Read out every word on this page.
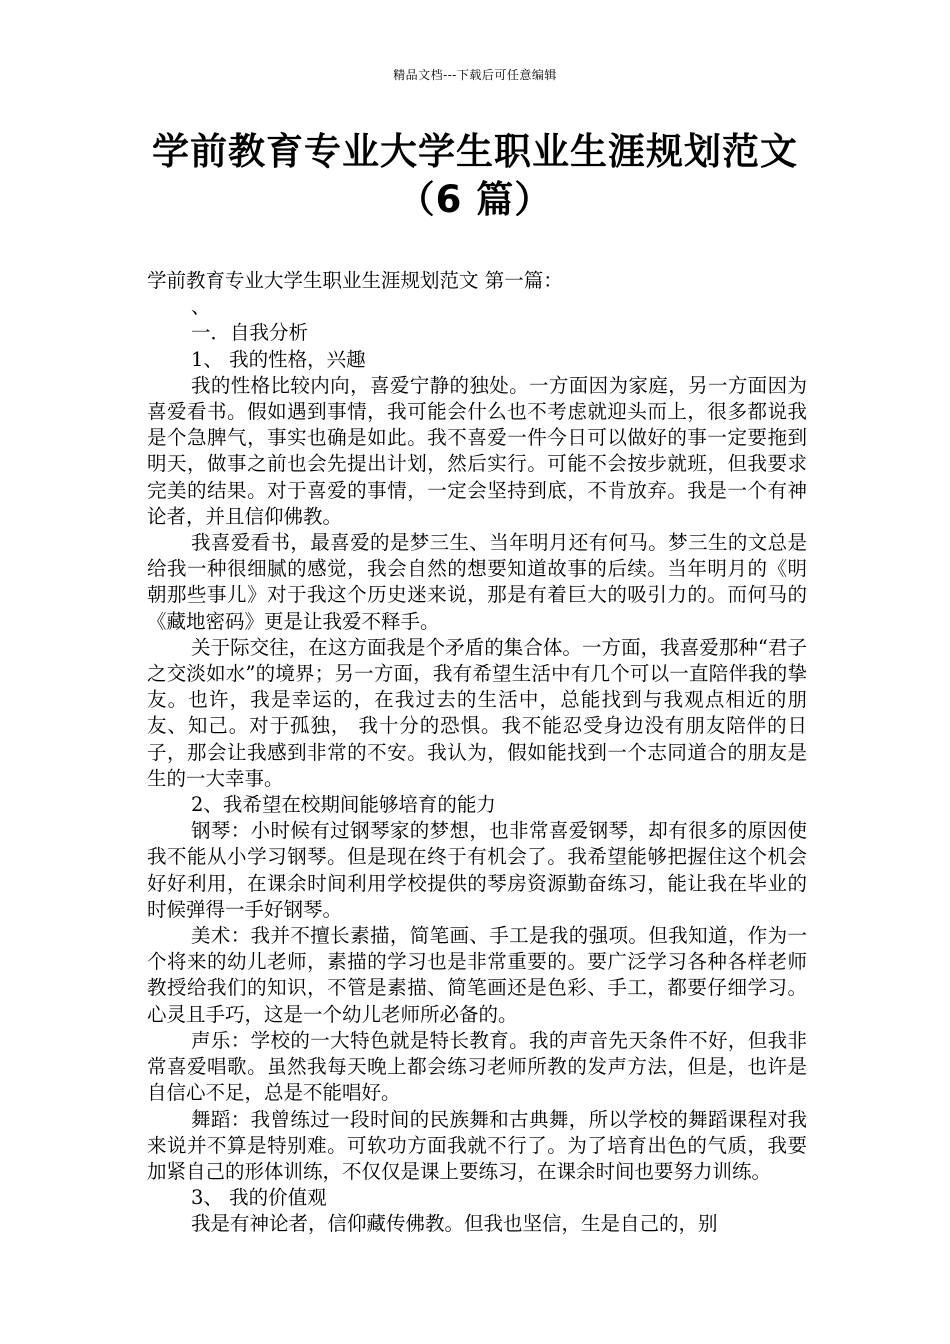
精品文档---下载后可任意编辑
学前教育专业大学生职业生涯规划范文
（6 篇）

学前教育专业大学生职业生涯规划范文 第一篇：

、

一．自我分析

1、 我的性格，兴趣

我的性格比较内向，喜爱宁静的独处。一方面因为家庭，另一方面因为喜爱看书。假如遇到事情，我可能会什么也不考虑就迎头而上，很多都说我是个急脾气，事实也确是如此。我不喜爱一件今日可以做好的事一定要拖到明天，做事之前也会先提出计划，然后实行。可能不会按步就班，但我要求完美的结果。对于喜爱的事情，一定会坚持到底，不肯放弃。我是一个有神论者，并且信仰佛教。

我喜爱看书，最喜爱的是梦三生、当年明月还有何马。梦三生的文总是给我一种很细腻的感觉，我会自然的想要知道故事的后续。当年明月的《明朝那些事儿》对于我这个历史迷来说，那是有着巨大的吸引力的。而何马的《藏地密码》更是让我爱不释手。

关于际交往，在这方面我是个矛盾的集合体。一方面，我喜爱那种“君子之交淡如水”的境界；另一方面，我有希望生活中有几个可以一直陪伴我的挚友。也许，我是幸运的，在我过去的生活中，总能找到与我观点相近的朋友、知己。对于孤独， 我十分的恐惧。我不能忍受身边没有朋友陪伴的日子，那会让我感到非常的不安。我认为，假如能找到一个志同道合的朋友是生的一大幸事。

2、我希望在校期间能够培育的能力

钢琴：小时候有过钢琴家的梦想，也非常喜爱钢琴，却有很多的原因使我不能从小学习钢琴。但是现在终于有机会了。我希望能够把握住这个机会好好利用，在课余时间利用学校提供的琴房资源勤奋练习，能让我在毕业的时候弹得一手好钢琴。

美术：我并不擅长素描，简笔画、手工是我的强项。但我知道，作为一个将来的幼儿老师，素描的学习也是非常重要的。要广泛学习各种各样老师教授给我们的知识，不管是素描、简笔画还是色彩、手工，都要仔细学习。心灵且手巧，这是一个幼儿老师所必备的。

声乐：学校的一大特色就是特长教育。我的声音先天条件不好，但我非常喜爱唱歌。虽然我每天晚上都会练习老师所教的发声方法，但是，也许是自信心不足，总是不能唱好。

舞蹈：我曾练过一段时间的民族舞和古典舞，所以学校的舞蹈课程对我来说并不算是特别难。可软功方面我就不行了。为了培育出色的气质，我要加紧自己的形体训练，不仅仅是课上要练习，在课余时间也要努力训练。

3、 我的价值观

我是有神论者，信仰藏传佛教。但我也坚信，生是自己的，别
